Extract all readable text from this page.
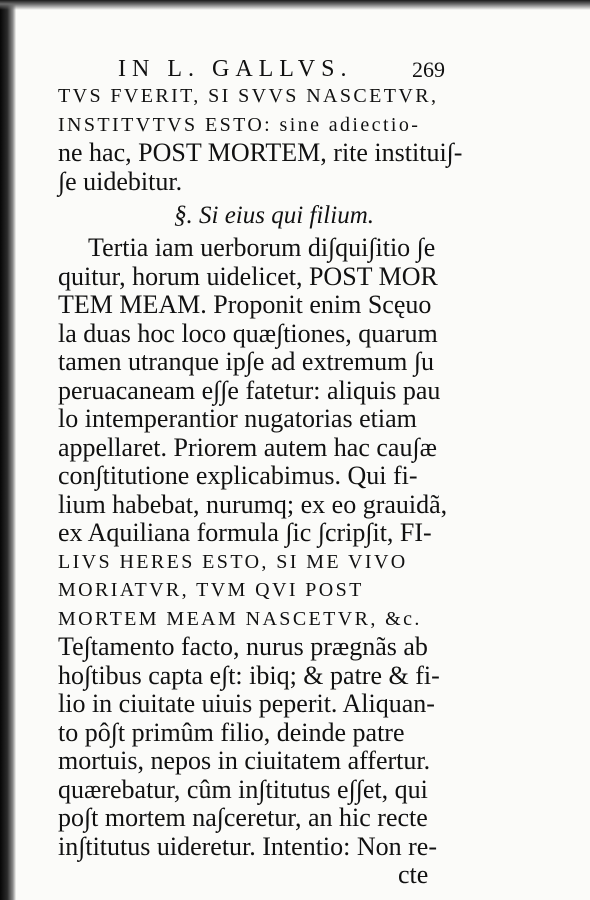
IN L. GALLVS.	269
TVS FVERIT, SI SVVS NASCETVR,
INSTITVTVS ESTO: sine adiectio-
ne hac, POST MORTEM, rite institui∫-
∫e uidebitur.
§. Si eius qui filium.
Tertia iam uerborum di∫qui∫itio ∫e
quitur, horum uidelicet, POST MOR
TEM MEAM. Proponit enim Scęuo
la duas hoc loco quæ∫tiones, quarum
tamen utranque ip∫e ad extremum ∫u
peruacaneam e∫∫e fatetur: aliquis pau
lo intemperantior nugatorias etiam
appellaret. Priorem autem hac cau∫æ
con∫titutione explicabimus. Qui fi-
lium habebat, nurumq; ex eo grauidã,
ex Aquiliana formula ∫ic ∫crip∫it, FI-
LIVS HERES ESTO, SI ME VIVO
MORIATVR, TVM QVI POST
MORTEM MEAM NASCETVR, &c.
Te∫tamento facto, nurus prægnãs ab
ho∫tibus capta e∫t: ibiq; & patre & fi-
lio in ciuitate uiuis peperit. Aliquan-
to pô∫t primûm filio, deinde patre
mortuis, nepos in ciuitatem affertur.
quærebatur, cûm in∫titutus e∫∫et, qui
po∫t mortem na∫ceretur, an hic recte
in∫titutus uideretur. Intentio: Non re-
cte
